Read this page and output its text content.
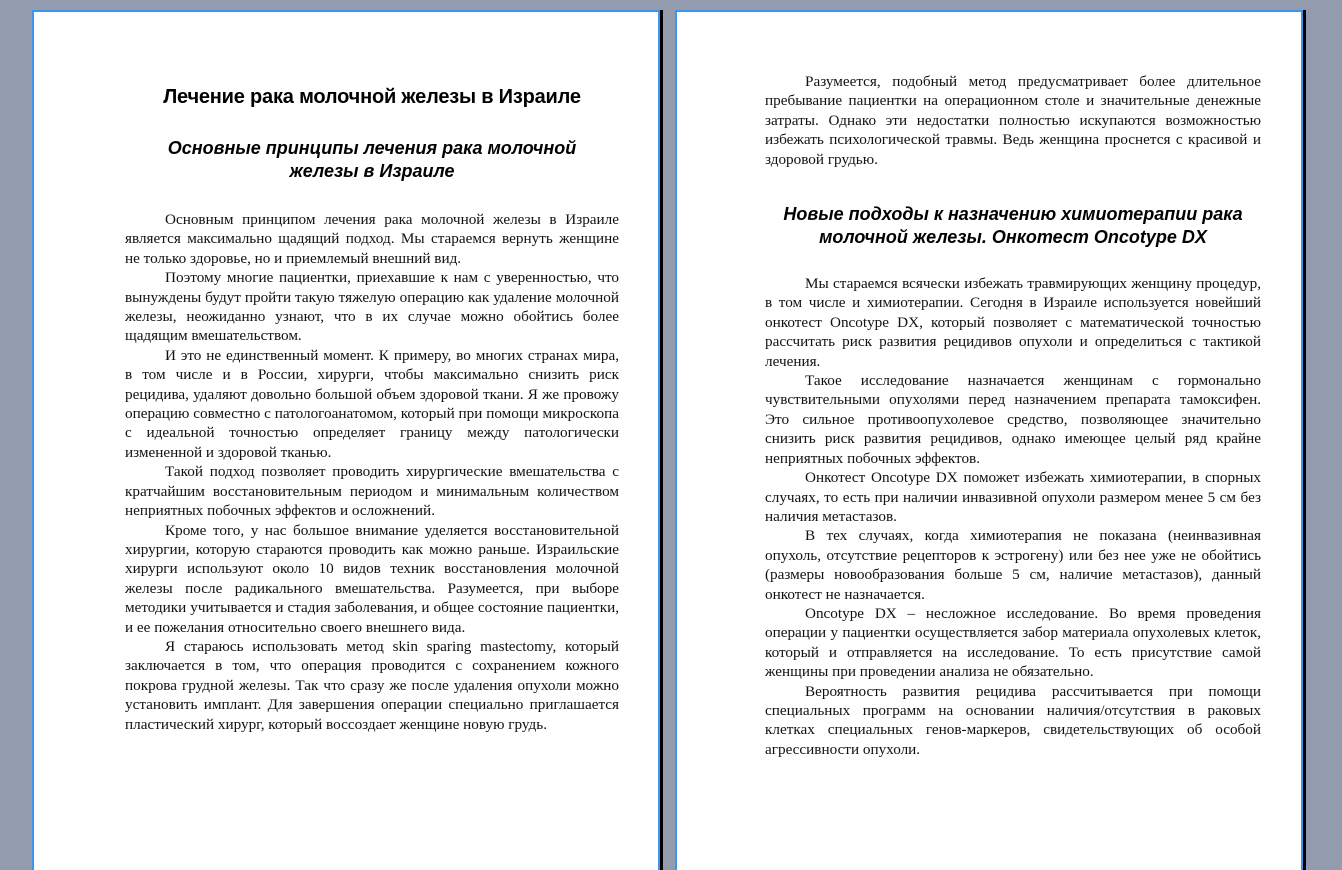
Лечение рака молочной железы в Израиле
Основные принципы лечения рака молочной железы в Израиле

Основным принципом лечения рака молочной железы в Израиле является максимально щадящий подход. Мы стараемся вернуть женщине не только здоровье, но и приемлемый внешний вид.

Поэтому многие пациентки, приехавшие к нам с уверенностью, что вынуждены будут пройти такую тяжелую операцию как удаление молочной железы, неожиданно узнают, что в их случае можно обойтись более щадящим вмешательством.

И это не единственный момент. К примеру, во многих странах мира, в том числе и в России, хирурги, чтобы максимально снизить риск рецидива, удаляют довольно большой объем здоровой ткани. Я же провожу операцию совместно с патологоанатомом, который при помощи микроскопа с идеальной точностью определяет границу между патологически измененной и здоровой тканью.

Такой подход позволяет проводить хирургические вмешательства с кратчайшим восстановительным периодом и минимальным количеством неприятных побочных эффектов и осложнений.

Кроме того, у нас большое внимание уделяется восстановительной хирургии, которую стараются проводить как можно раньше. Израильские хирурги используют около 10 видов техник восстановления молочной железы после радикального вмешательства. Разумеется, при выборе методики учитывается и стадия заболевания, и общее состояние пациентки, и ее пожелания относительно своего внешнего вида.

Я стараюсь использовать метод skin sparing mastectomy, который заключается в том, что операция проводится с сохранением кожного покрова грудной железы. Так что сразу же после удаления опухоли можно установить имплант. Для завершения операции специально приглашается пластический хирург, который воссоздает женщине новую грудь.

Разумеется, подобный метод предусматривает более длительное пребывание пациентки на операционном столе и значительные денежные затраты. Однако эти недостатки полностью искупаются возможностью избежать психологической травмы. Ведь женщина проснется с красивой и здоровой грудью.

Новые подходы к назначению химиотерапии рака молочной железы. Онкотест Oncotype DX

Мы стараемся всячески избежать травмирующих женщину процедур, в том числе и химиотерапии. Сегодня в Израиле используется новейший онкотест Oncotype DX, который позволяет с математической точностью рассчитать риск развития рецидивов опухоли и определиться с тактикой лечения.

Такое исследование назначается женщинам с гормонально чувствительными опухолями перед назначением препарата тамоксифен. Это сильное противоопухолевое средство, позволяющее значительно снизить риск развития рецидивов, однако имеющее целый ряд крайне неприятных побочных эффектов.

Онкотест Oncotype DX поможет избежать химиотерапии, в спорных случаях, то есть при наличии инвазивной опухоли размером менее 5 см без наличия метастазов.

В тех случаях, когда химиотерапия не показана (неинвазивная опухоль, отсутствие рецепторов к эстрогену) или без нее уже не обойтись (размеры новообразования больше 5 см, наличие метастазов), данный онкотест не назначается.

Oncotype DX – несложное исследование. Во время проведения операции у пациентки осуществляется забор материала опухолевых клеток, который и отправляется на исследование. То есть присутствие самой женщины при проведении анализа не обязательно.

Вероятность развития рецидива рассчитывается при помощи специальных программ на основании наличия/отсутствия в раковых клетках специальных генов-маркеров, свидетельствующих об особой агрессивности опухоли.
